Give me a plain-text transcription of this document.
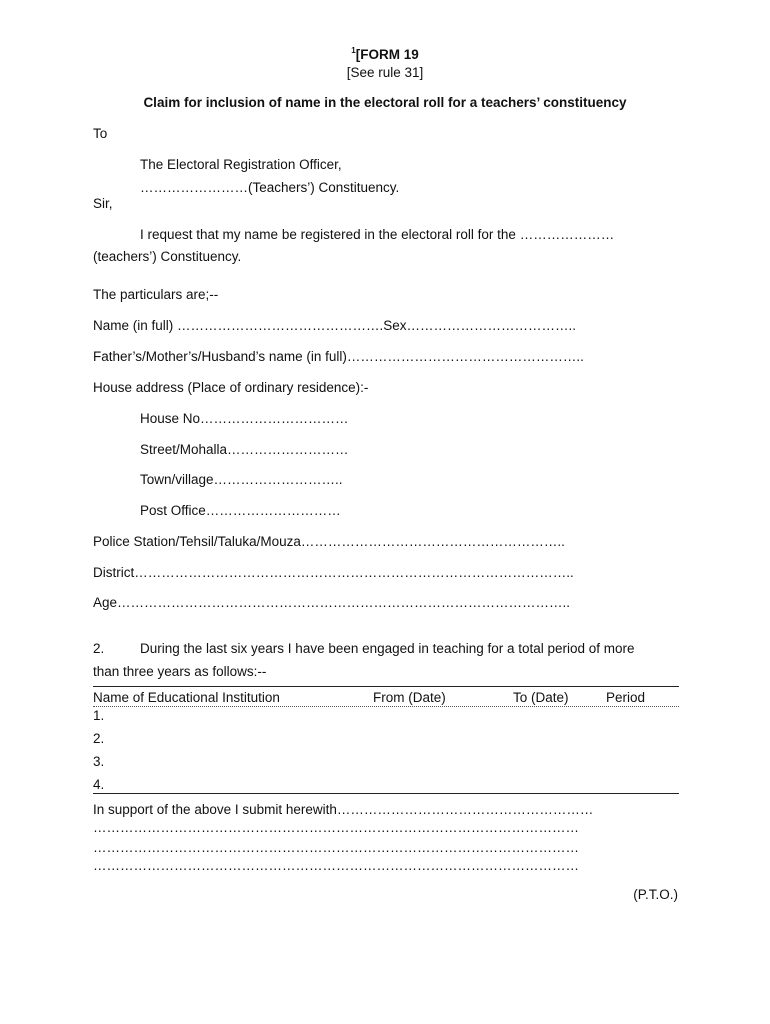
$^1$[FORM 19
[See rule 31]
Claim for inclusion of name in the electoral roll for a teachers’ constituency
To
The Electoral Registration Officer,
……………………(Teachers’) Constituency.
Sir,
I request that my name be registered in the electoral roll for the …………………
(teachers’) Constituency.
The particulars are;--
Name (in full) ……………………………………….Sex………………………………..
Father’s/Mother’s/Husband’s name (in full)……………………………………………..
House address (Place of ordinary residence):-
House No……………………………
Street/Mohalla………………………
Town/village………………………..
Post Office…………………………
Police Station/Tehsil/Taluka/Mouza…………………………………………………..
District……………………………………………………………………………………..
Age………………………………………………………………………………………..
2.	During the last six years I have been engaged in teaching for a total period of more
than three years as follows:--
Name of Educational Institution	From (Date)	To (Date)	Period
1.
2.
3.
4.
In support of the above I submit herewith…………………………………………………
………………………………………………………………………………………………
………………………………………………………………………………………………
………………………………………………………………………………………………
(P.T.O.)
